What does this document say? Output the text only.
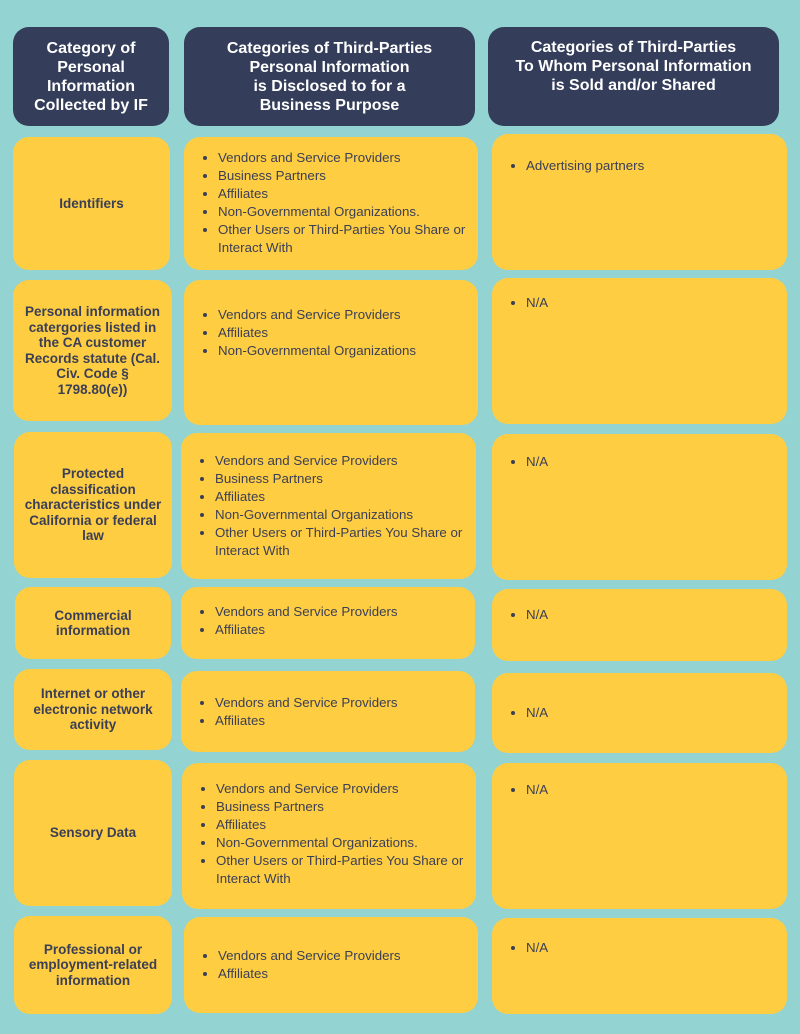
Category of
Personal
Information
Collected by IF
Categories of Third-Parties
Personal Information
is Disclosed to for a
Business Purpose
Categories of Third-Parties
To Whom Personal Information
is Sold and/or Shared
Identifiers
• Vendors and Service Providers
• Business Partners
• Affiliates
• Non-Governmental Organizations.
• Other Users or Third-Parties You Share or Interact With
• Advertising partners
Personal information catergories listed in the CA customer Records statute (Cal. Civ. Code § 1798.80(e))
• Vendors and Service Providers
• Affiliates
• Non-Governmental Organizations
• N/A
Protected classification characteristics under California or federal law
• Vendors and Service Providers
• Business Partners
• Affiliates
• Non-Governmental Organizations
• Other Users or Third-Parties You Share or Interact With
• N/A
Commercial information
• Vendors and Service Providers
• Affiliates
• N/A
Internet or other electronic network activity
• Vendors and Service Providers
• Affiliates
•	N/A
Sensory Data
• Vendors and Service Providers
• Business Partners
• Affiliates
• Non-Governmental Organizations.
• Other Users or Third-Parties You Share or Interact With
• N/A
Professional or employment-related information
• Vendors and Service Providers
• Affiliates
• N/A
